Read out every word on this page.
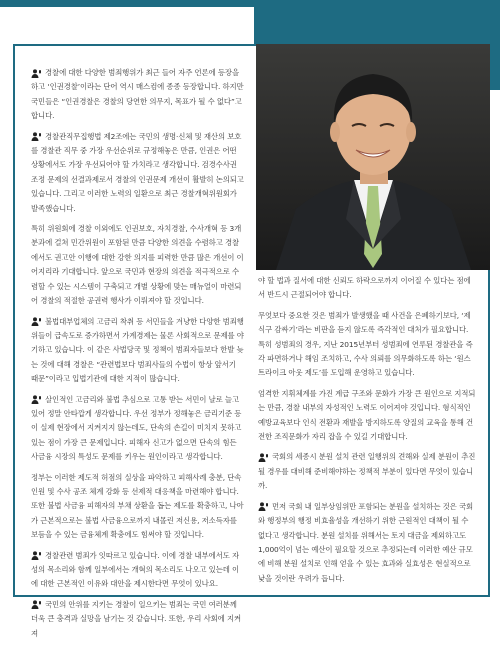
경찰에 대한 다양한 범죄행위가 최근 들어 자주 언론에 등장을 하고 ‘인권경찰’이라는 단어 역시 매스컴에 종종 등장합니다. 하지만 국민들은 “인권경찰은 경찰의 당연한 의무지, 목표가 될 수 없다”고 합니다.

경찰관직무집행법 제2조에는 국민의 생명·신체 및 재산의 보호를 경찰관 직무 중 가장 우선순위로 규정해놓은 만큼, 인권은 어떤 상황에서도 가장 우선되어야 할 가치라고 생각합니다. 검경수사권 조정 문제의 선결과제로서 경찰의 인권문제 개선이 활발히 논의되고 있습니다. 그리고 이러한 노력의 일환으로 최근 경찰개혁위원회가 발족했습니다.

특히 위원회에 경찰 이외에도 인권보호, 자치경찰, 수사개혁 등 3개 분과에 걸쳐 민간위원이 포함된 만큼 다양한 의견을 수렴하고 경찰에서도 권고안 이행에 대한 강한 의지를 피력한 만큼 많은 개선이 이어지리라 기대합니다. 앞으로 국민과 현장의 의견을 적극적으로 수렴할 수 있는 시스템이 구축되고 개별 상황에 맞는 매뉴얼이 마련되어 경찰의 적절한 공권력 행사가 이뤄져야 할 것입니다.

불법대부업체의 고금리 착취 등 서민들을 겨냥한 다양한 범죄행위들이 급속도로 증가하면서 가계경제는 물론 사회적으로 문제를 야기하고 있습니다. 이 같은 사법당국 및 정책이 범죄자들보다 한발 늦는 것에 대해 경찰은 “관련법보다 범죄사들의 수법이 항상 앞서기 때문”이라고 입법기관에 대한 지적이 많습니다.

살인적인 고금리와 불법 추심으로 고통 받는 서민이 날로 늘고 있어 정말 안타깝게 생각합니다. 우선 정부가 정해놓은 금리기준 등이 실제 현장에서 지켜지지 않는데도, 단속의 손길이 미치지 못하고 있는 점이 가장 큰 문제입니다. 피해자 신고가 없으면 단속의 힘든 사금융 시장의 특성도 문제를 키우는 원인이라고 생각합니다.

정부는 이러한 제도적 허점의 실상을 파악하고 피해사례 충분, 단속인원 및 수사 공조 체계 강화 등 선제적 대응책을 마련해야 합니다. 또한 불법 사금융 피해자의 부채 상환을 돕는 제도를 확충하고, 나아가 근본적으로는 불법 사금융으로까지 내몰린 저신용, 저소득자를 보듬을 수 있는 금융체계 확충에도 힘써야 할 것입니다.

경찰관련 범죄가 잇따르고 있습니다. 이에 경찰 내부에서도 자성의 목소리와 함께 일부에서는 개혁의 목소리도 나오고 있는데 이에 대한 근본적인 이유와 대안을 제시한다면 무엇이 있나요.

국민의 안위를 지키는 경찰이 일으키는 범죄는 국민 여러분께 더욱 큰 충격과 실망을 남기는 것 같습니다. 또한, 우리 사회에 지켜져

야 할 법과 질서에 대한 신뢰도 하락으로까지 이어질 수 있다는 점에서 반드시 근절되어야 합니다.

무엇보다 중요한 것은 범죄가 발생했을 때 사건을 은폐하기보다, ‘제식구 감싸기’라는 비판을 듣지 않도록 즉각적인 대처가 필요합니다. 특히 성범죄의 경우, 지난 2015년부터 성범죄에 연루된 경찰관을 즉각 파면하거나 해임 조치하고, 수사 의뢰를 의무화하도록 하는 ‘원스트라이크 아웃 제도’를 도입해 운영하고 있습니다.

엄격한 지휘체계를 가진 계급 구조와 문화가 가장 큰 원인으로 지적되는 만큼, 경찰 내부의 자성적인 노력도 이어져야 것입니다. 형식적인 예방교육보다 인식 전환과 재발을 방지하도록 양질의 교육을 통해 건전한 조직문화가 자리 잡을 수 있길 기대합니다.

국회의 세종시 분원 설치 관련 일행위의 견해와 실제 분원이 추진될 경우를 대비해 준비해야하는 정책적 부분이 있다면 무엇이 있습니까.

먼저 국회 내 일부상임위만 포함되는 분원을 설치하는 것은 국회와 행정부의 행정 비효율성을 개선하기 위한 근원적인 대책이 될 수 없다고 생각합니다. 분원 설치를 위해서는 토지 대금을 제외하고도 1,000억이 넘는 예산이 필요할 것으로 추정되는데 이러한 예산 규모에 비해 분원 설치로 인해 얻을 수 있는 효과와 실효성은 현실적으로 낮을 것이란 우려가 듭니다.
